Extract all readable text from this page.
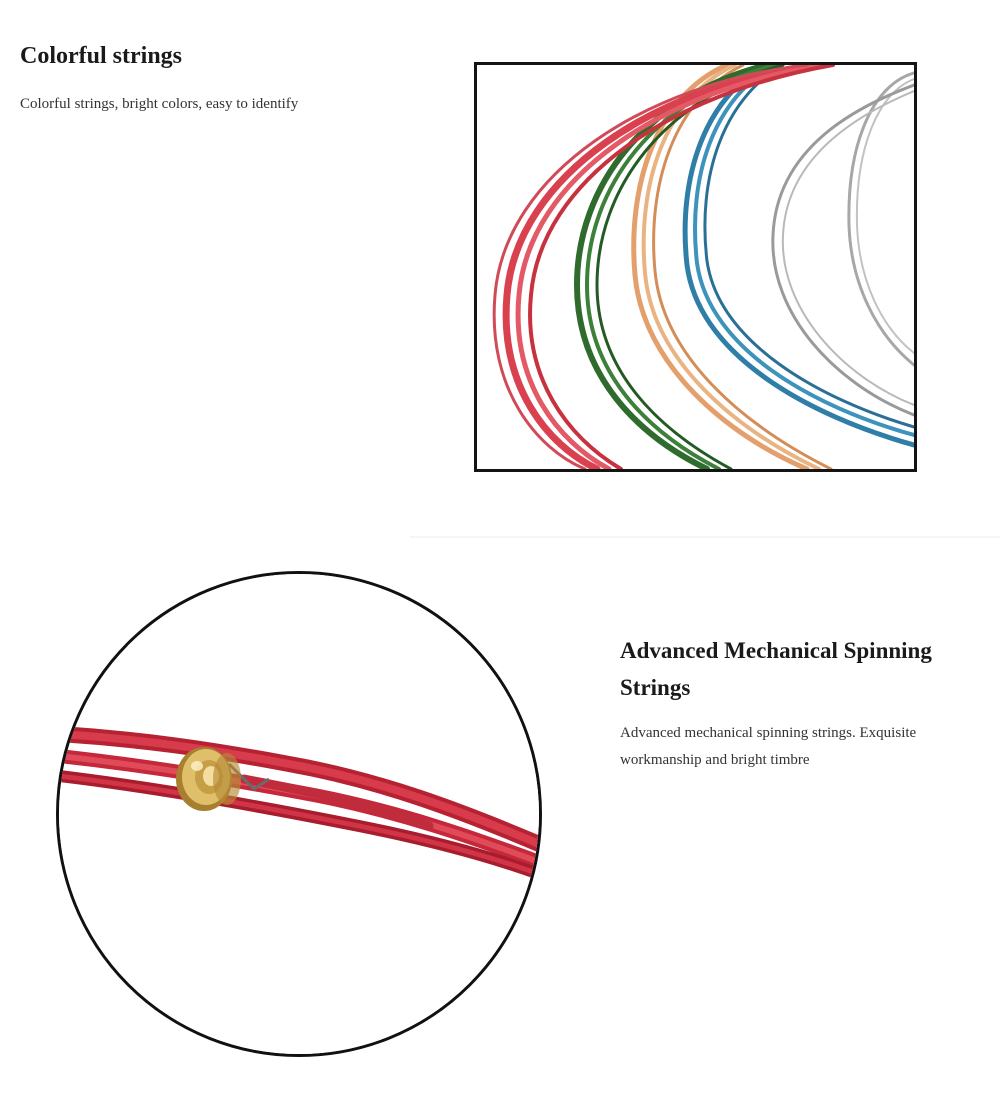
Colorful strings

Colorful strings, bright colors, easy to identify

Advanced Mechanical Spinning Strings

Advanced mechanical spinning strings. Exquisite workmanship and bright timbre
